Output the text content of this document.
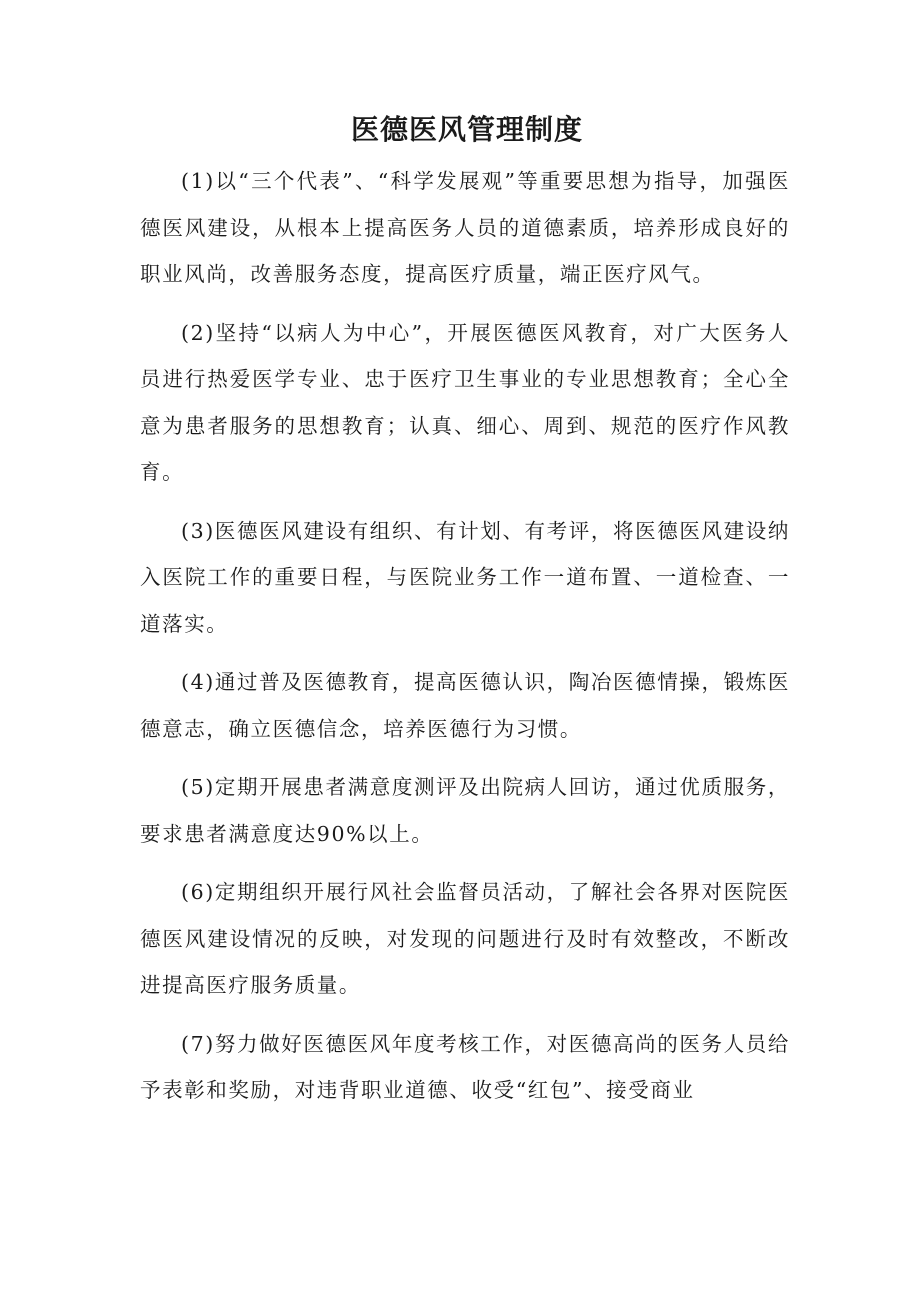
医德医风管理制度

(1)以“三个代表”、“科学发展观”等重要思想为指导，加强医德医风建设，从根本上提高医务人员的道德素质，培养形成良好的职业风尚，改善服务态度，提高医疗质量，端正医疗风气。

(2)坚持“以病人为中心”，开展医德医风教育，对广大医务人员进行热爱医学专业、忠于医疗卫生事业的专业思想教育；全心全意为患者服务的思想教育；认真、细心、周到、规范的医疗作风教育。

(3)医德医风建设有组织、有计划、有考评，将医德医风建设纳入医院工作的重要日程，与医院业务工作一道布置、一道检查、一道落实。

(4)通过普及医德教育，提高医德认识，陶冶医德情操，锻炼医德意志，确立医德信念，培养医德行为习惯。

(5)定期开展患者满意度测评及出院病人回访，通过优质服务，要求患者满意度达90%以上。

(6)定期组织开展行风社会监督员活动，了解社会各界对医院医德医风建设情况的反映，对发现的问题进行及时有效整改，不断改进提高医疗服务质量。

(7)努力做好医德医风年度考核工作，对医德高尚的医务人员给予表彰和奖励，对违背职业道德、收受“红包”、接受商业
